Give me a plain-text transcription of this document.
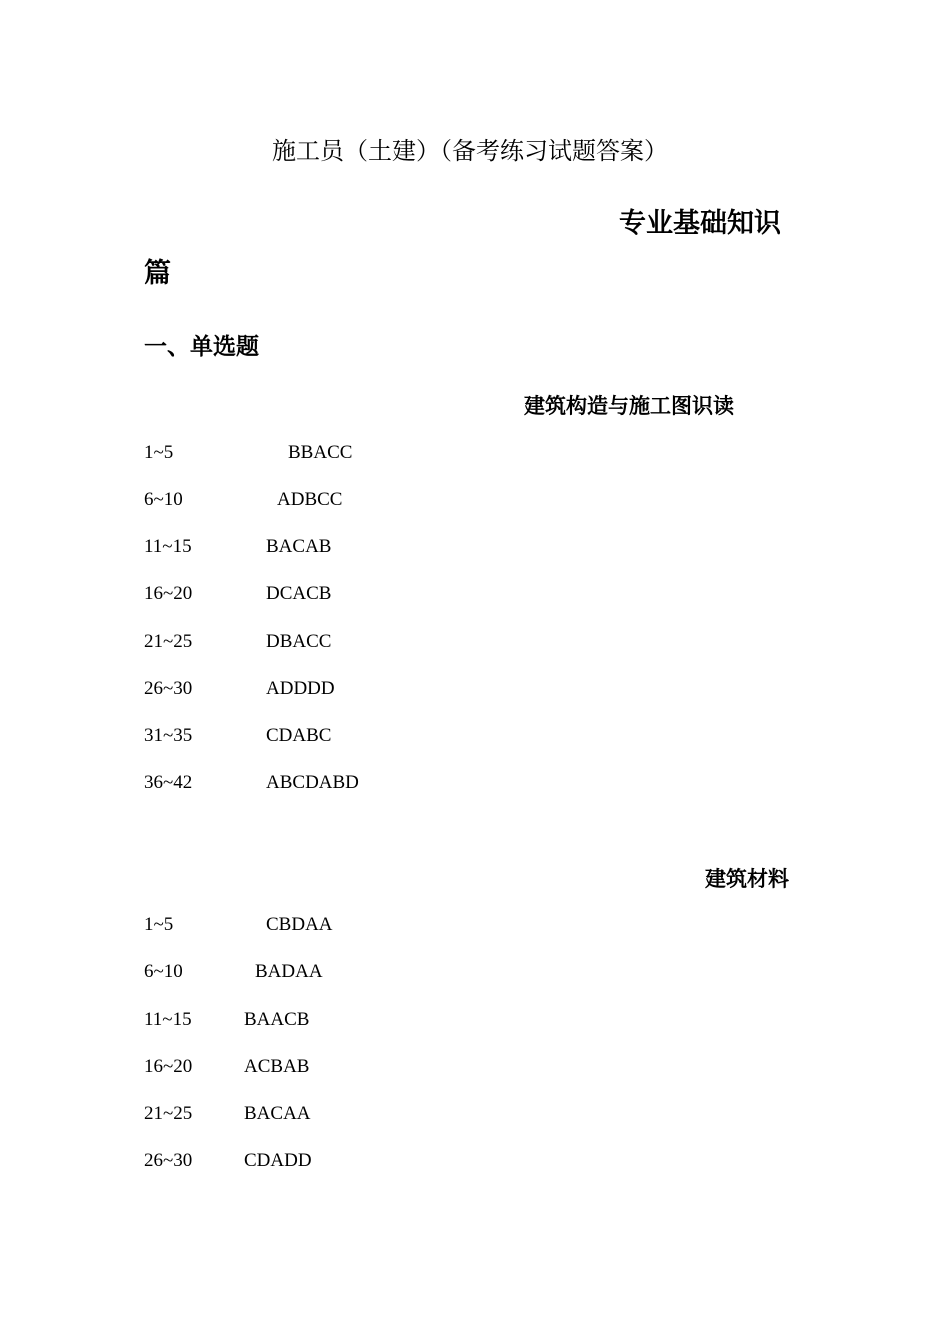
施工员（土建）（备考练习试题答案）
专业基础知识
篇
一、单选题
建筑构造与施工图识读
1~5	BBACC
6~10	ADBCC
11~15	BACAB
16~20	DCACB
21~25	DBACC
26~30	ADDDD
31~35	CDABC
36~42	ABCDABD
建筑材料
1~5	CBDAA
6~10	BADAA
11~15	BAACB
16~20	ACBAB
21~25	BACAA
26~30	CDADD
